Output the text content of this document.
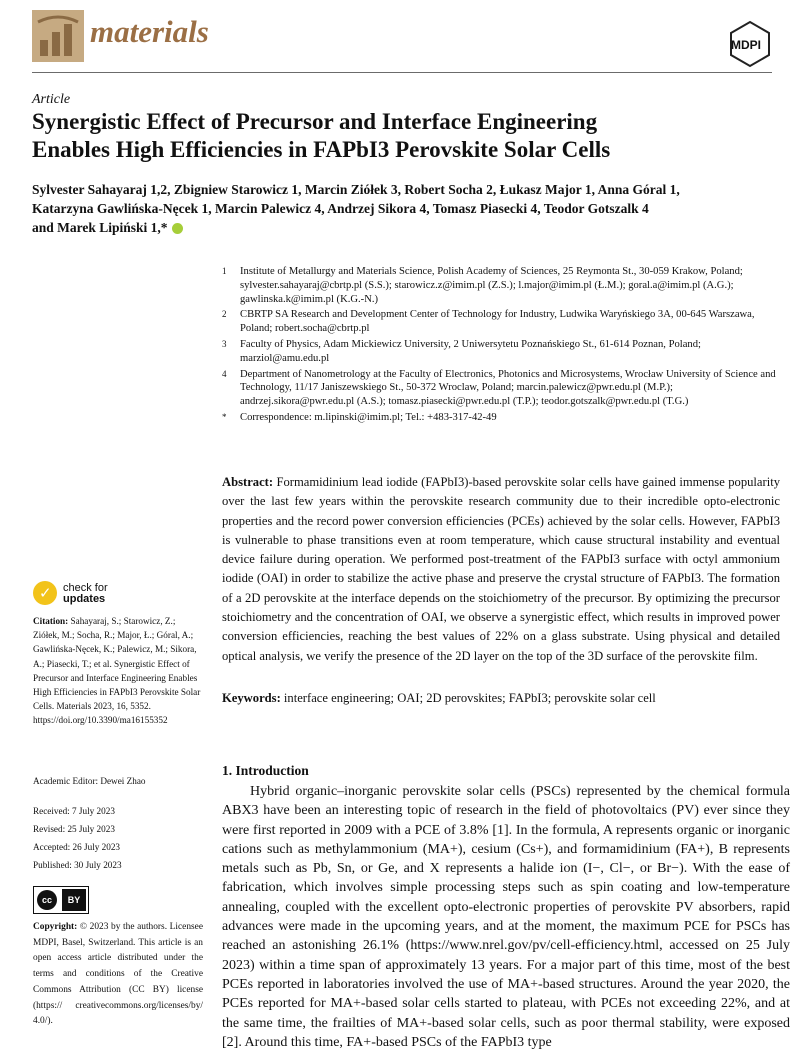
materials	MDPI
Article
Synergistic Effect of Precursor and Interface Engineering
Enables High Efficiencies in FAPbI3 Perovskite Solar Cells
Sylvester Sahayaraj 1,2, Zbigniew Starowicz 1, Marcin Ziółek 3, Robert Socha 2, Łukasz Major 1, Anna Góral 1,
Katarzyna Gawlińska-Nęcek 1, Marcin Palewicz 4, Andrzej Sikora 4, Tomasz Piasecki 4, Teodor Gotszalk 4
and Marek Lipiński 1,*
1	Institute of Metallurgy and Materials Science, Polish Academy of Sciences, 25 Reymonta St., 30-059 Krakow, Poland; sylvester.sahayaraj@cbrtp.pl (S.S.); starowicz.z@imim.pl (Z.S.); l.major@imim.pl (Ł.M.); goral.a@imim.pl (A.G.); gawlinska.k@imim.pl (K.G.-N.)
2	CBRTP SA Research and Development Center of Technology for Industry, Ludwika Waryńskiego 3A, 00-645 Warszawa, Poland; robert.socha@cbrtp.pl
3	Faculty of Physics, Adam Mickiewicz University, 2 Uniwersytetu Poznańskiego St., 61-614 Poznan, Poland; marziol@amu.edu.pl
4	Department of Nanometrology at the Faculty of Electronics, Photonics and Microsystems, Wrocław University of Science and Technology, 11/17 Janiszewskiego St., 50-372 Wroclaw, Poland; marcin.palewicz@pwr.edu.pl (M.P.); andrzej.sikora@pwr.edu.pl (A.S.); tomasz.piasecki@pwr.edu.pl (T.P.); teodor.gotszalk@pwr.edu.pl (T.G.)
*	Correspondence: m.lipinski@imim.pl; Tel.: +483-317-42-49
✓ check for
updates
Citation: Sahayaraj, S.; Starowicz, Z.; Ziółek, M.; Socha, R.; Major, Ł.; Góral, A.; Gawlińska-Nęcek, K.; Palewicz, M.; Sikora, A.; Piasecki, T.; et al. Synergistic Effect of Precursor and Interface Engineering Enables High Efficiencies in FAPbI3 Perovskite Solar Cells. Materials 2023, 16, 5352. https://doi.org/10.3390/ma16155352
Academic Editor: Dewei Zhao
Received: 7 July 2023
Revised: 25 July 2023
Accepted: 26 July 2023
Published: 30 July 2023
cc	BY
Copyright: © 2023 by the authors. Licensee MDPI, Basel, Switzerland. This article is an open access article distributed under the terms and conditions of the Creative Commons Attribution (CC BY) license (https:// creativecommons.org/licenses/by/ 4.0/).
Abstract: Formamidinium lead iodide (FAPbI3)-based perovskite solar cells have gained immense popularity over the last few years within the perovskite research community due to their incredible opto-electronic properties and the record power conversion efficiencies (PCEs) achieved by the solar cells. However, FAPbI3 is vulnerable to phase transitions even at room temperature, which cause structural instability and eventual device failure during operation. We performed post-treatment of the FAPbI3 surface with octyl ammonium iodide (OAI) in order to stabilize the active phase and preserve the crystal structure of FAPbI3. The formation of a 2D perovskite at the interface depends on the stoichiometry of the precursor. By optimizing the precursor stoichiometry and the concentration of OAI, we observe a synergistic effect, which results in improved power conversion efficiencies, reaching the best values of 22% on a glass substrate. Using physical and detailed optical analysis, we verify the presence of the 2D layer on the top of the 3D surface of the perovskite film.
Keywords: interface engineering; OAI; 2D perovskites; FAPbI3; perovskite solar cell
1. Introduction
Hybrid organic–inorganic perovskite solar cells (PSCs) represented by the chemical formula ABX3 have been an interesting topic of research in the field of photovoltaics (PV) ever since they were first reported in 2009 with a PCE of 3.8% [1]. In the formula, A represents organic or inorganic cations such as methylammonium (MA+), cesium (Cs+), and formamidinium (FA+), B represents metals such as Pb, Sn, or Ge, and X represents a halide ion (I−, Cl−, or Br−). With the ease of fabrication, which involves simple processing steps such as spin coating and low-temperature annealing, coupled with the excellent opto-electronic properties of perovskite PV absorbers, rapid advances were made in the upcoming years, and at the moment, the maximum PCE for PSCs has reached an astonishing 26.1% (https://www.nrel.gov/pv/cell-efficiency.html, accessed on 25 July 2023) within a time span of approximately 13 years. For a major part of this time, most of the best PCEs reported in laboratories involved the use of MA+-based structures. Around the year 2020, the PCEs reported for MA+-based solar cells started to plateau, with PCEs not exceeding 22%, and at the same time, the frailties of MA+-based solar cells, such as poor thermal stability, were exposed [2]. Around this time, FA+-based PSCs of the FAPbI3 type
